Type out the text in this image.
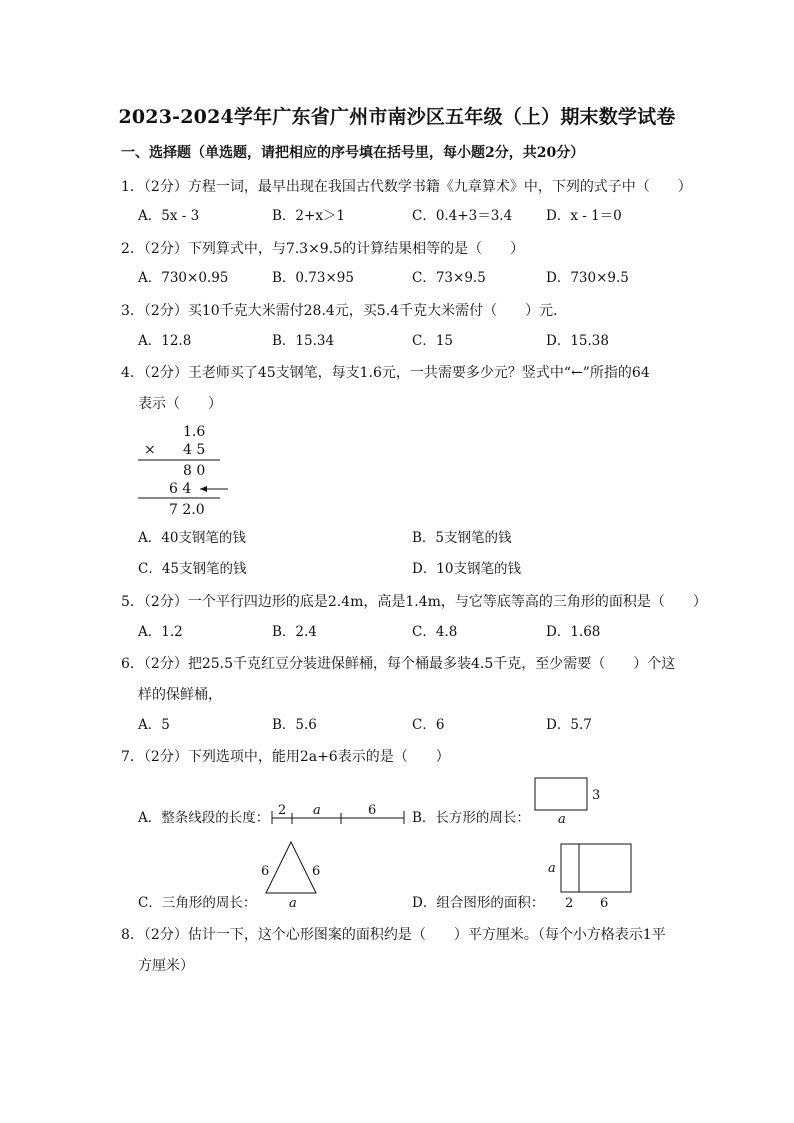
2023-2024学年广东省广州市南沙区五年级（上）期末数学试卷
一、选择题（单选题，请把相应的序号填在括号里，每小题2分，共20分）
1．（2分）方程一词，最早出现在我国古代数学书籍《九章算术》中，下列的式子中（　　）
A．5x - 3	B．2+x＞1	C．0.4+3＝3.4	D．x - 1＝0
2．（2分）下列算式中，与7.3×9.5的计算结果相等的是（　　）
A．730×0.95	B．0.73×95	C．73×9.5	D．730×9.5
3．（2分）买10千克大米需付28.4元，买5.4千克大米需付（　　）元．
A．12.8	B．15.34	C．15	D．15.38
4．（2分）王老师买了45支钢笔，每支1.6元，一共需要多少元？竖式中“←”所指的64
表示（　　）
1.6
× 4 5
8 0
6 4
7 2.0
A．40支钢笔的钱	B．5支钢笔的钱
C．45支钢笔的钱	D．10支钢笔的钱
5．（2分）一个平行四边形的底是2.4m，高是1.4m，与它等底等高的三角形的面积是（　　）
A．1.2	B．2.4	C．4.8	D．1.68
6．（2分）把25.5千克红豆分装进保鲜桶，每个桶最多装4.5千克，至少需要（　　）个这
样的保鲜桶，
A．5	B．5.6	C．6	D．5.7
7．（2分）下列选项中，能用2a+6表示的是（　　）
A．整条线段的长度： 2 a	6	B．长方形的周长：
3
a
6	6
a
C．三角形的周长：	D．组合图形的面积：
a
2 6
8．（2分）估计一下，这个心形图案的面积约是（　　）平方厘米。（每个小方格表示1平
方厘米）
